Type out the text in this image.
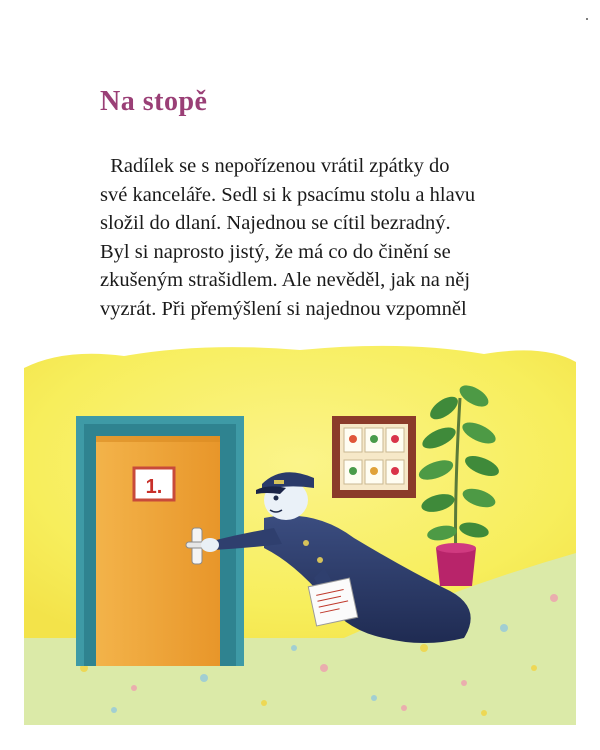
Na stopě
Radílek se s nepořízenou vrátil zpátky do
své kanceláře. Sedl si k psacímu stolu a hlavu
složil do dlaní. Najednou se cítil bezradný.
Byl si naprosto jistý, že má co do činění se
zkušeným strašidlem. Ale nevěděl, jak na něj
vyzrát. Při přemýšlení si najednou vzpomněl
1.
